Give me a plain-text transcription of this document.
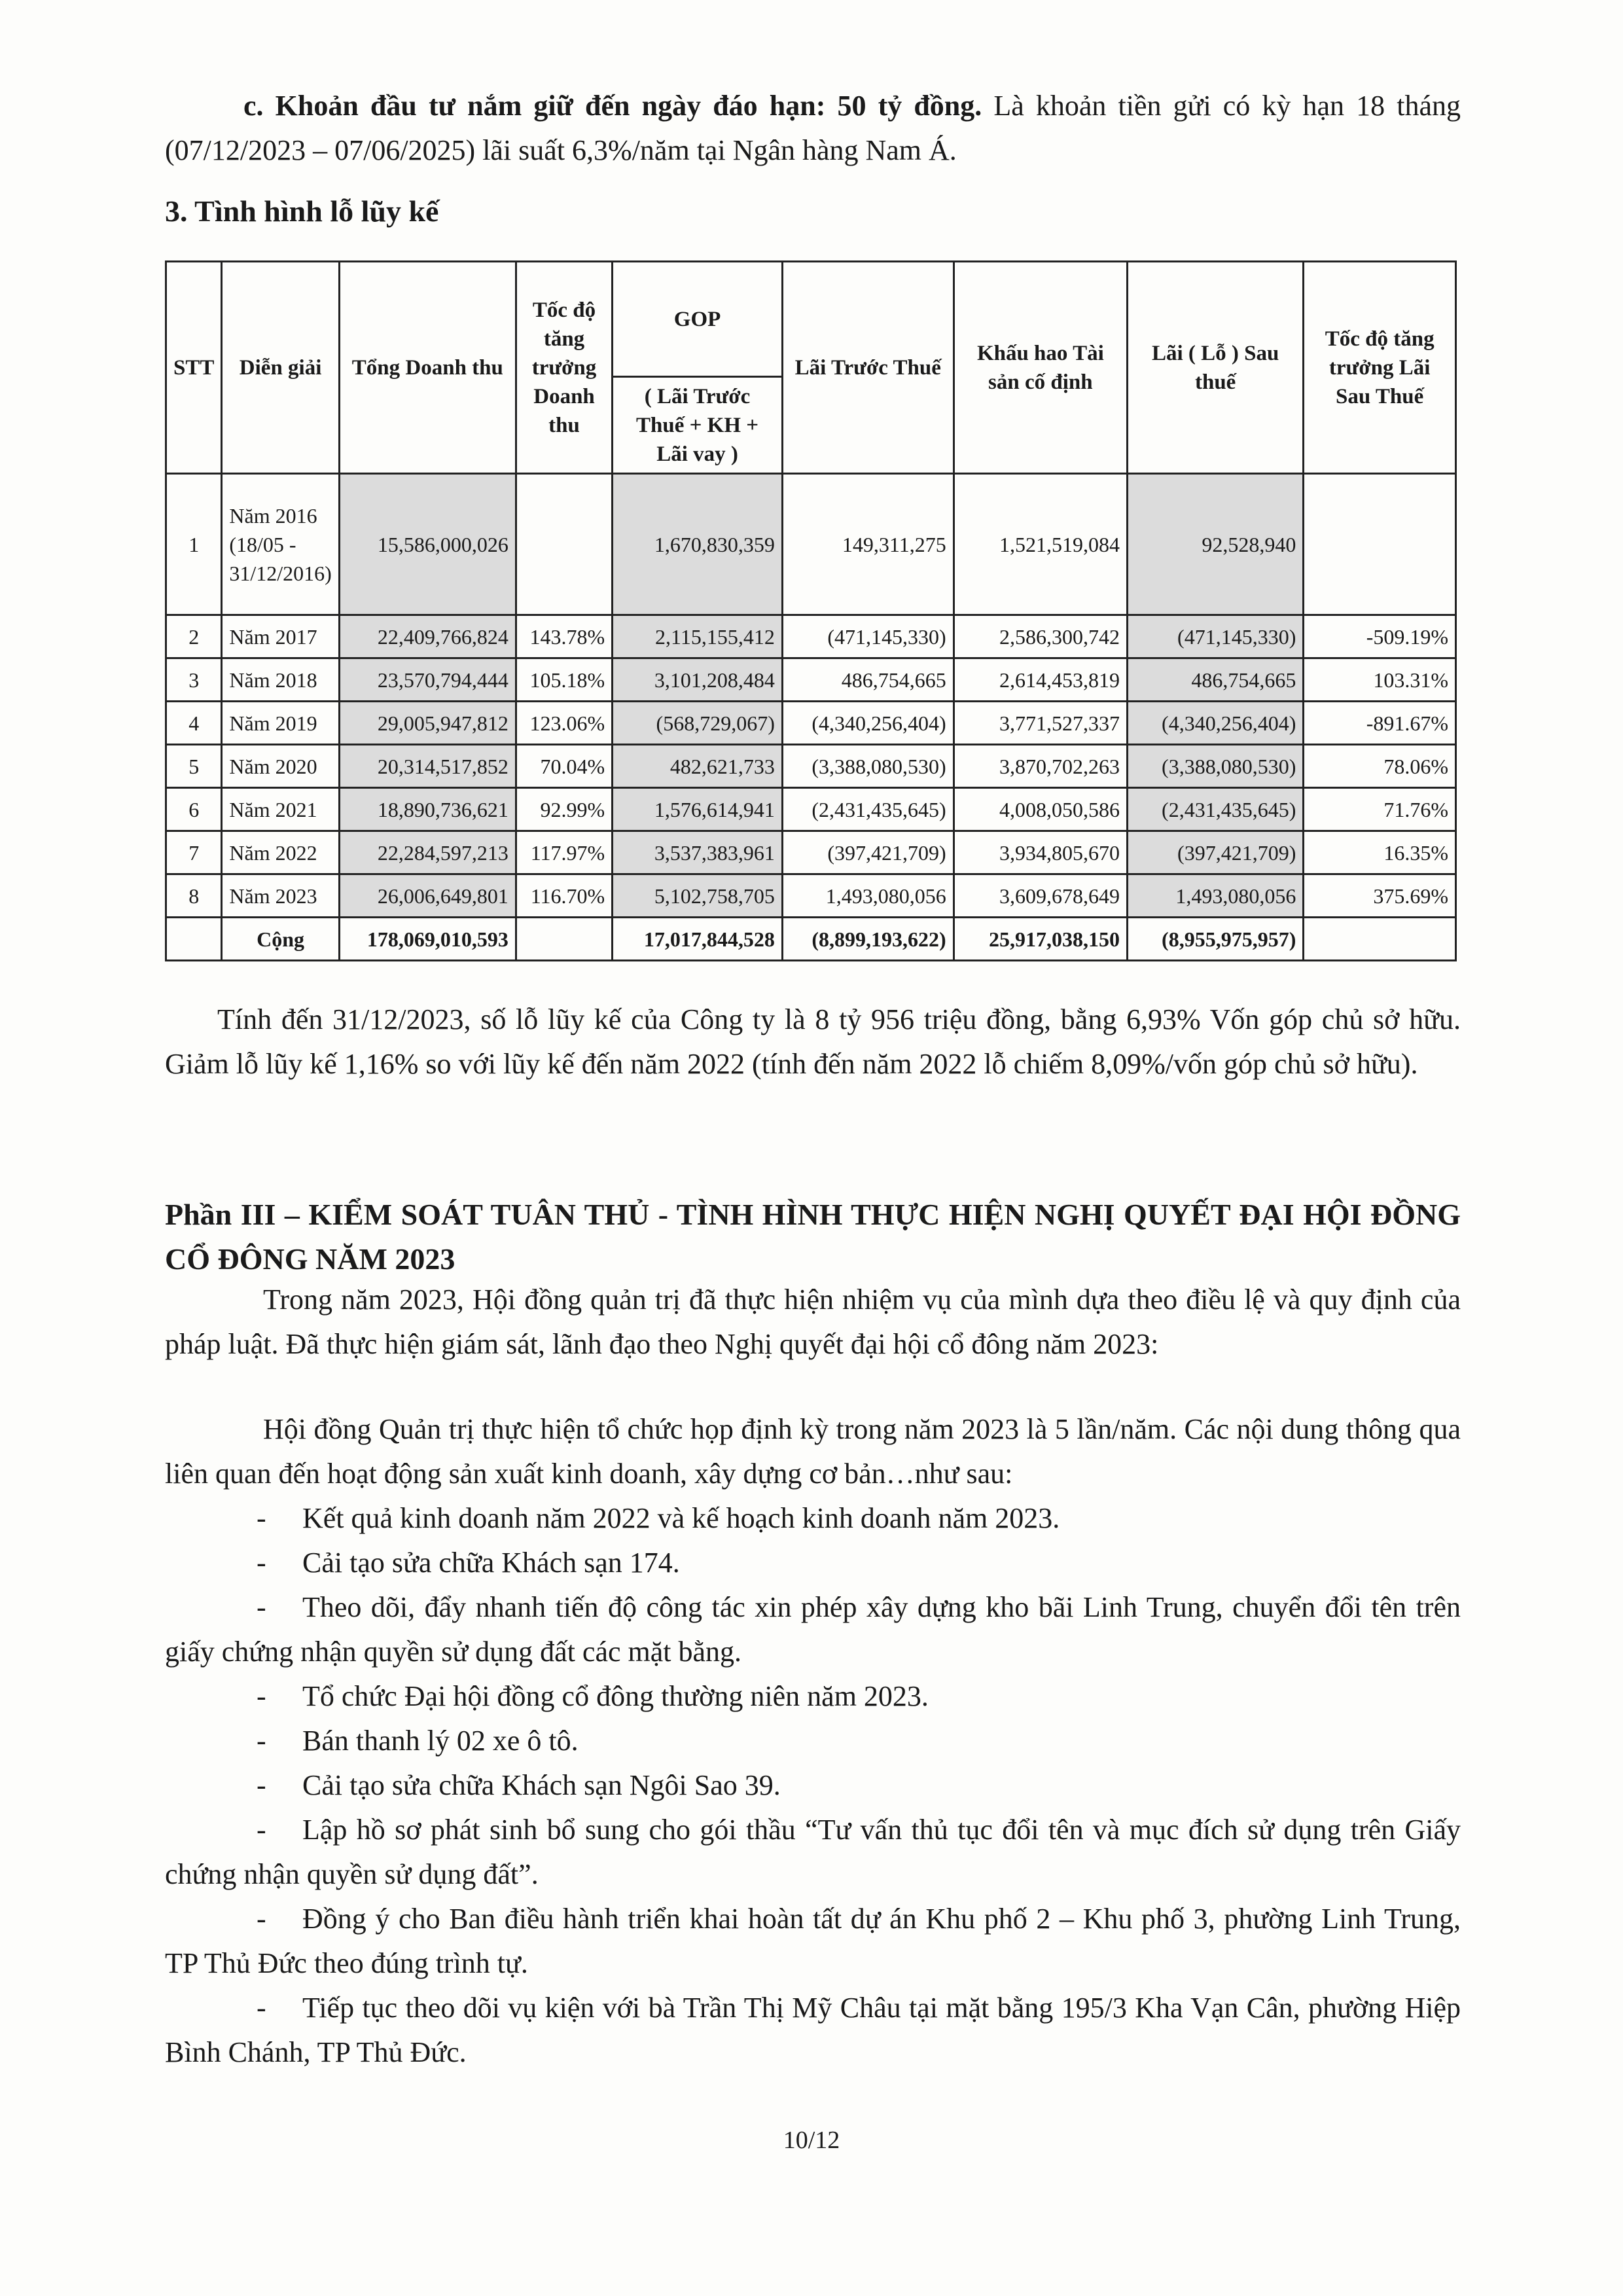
c. Khoản đầu tư nắm giữ đến ngày đáo hạn: 50 tỷ đồng. Là khoản tiền gửi có kỳ hạn 18 tháng (07/12/2023 – 07/06/2025) lãi suất 6,3%/năm tại Ngân hàng Nam Á.

3. Tình hình lỗ lũy kế
STT	Diễn giải	Tổng Doanh thu	Tốc độ tăng trưởng Doanh thu	GOP	Lãi Trước Thuế	Khấu hao Tài sản cố định	Lãi ( Lỗ ) Sau thuế	Tốc độ tăng trưởng Lãi Sau Thuế
				( Lãi Trước Thuế + KH + Lãi vay )				
1	Năm 2016 (18/05 - 31/12/2016)	15,586,000,026		1,670,830,359	149,311,275	1,521,519,084	92,528,940	
2	Năm 2017	22,409,766,824	143.78%	2,115,155,412	(471,145,330)	2,586,300,742	(471,145,330)	-509.19%
3	Năm 2018	23,570,794,444	105.18%	3,101,208,484	486,754,665	2,614,453,819	486,754,665	103.31%
4	Năm 2019	29,005,947,812	123.06%	(568,729,067)	(4,340,256,404)	3,771,527,337	(4,340,256,404)	-891.67%
5	Năm 2020	20,314,517,852	70.04%	482,621,733	(3,388,080,530)	3,870,702,263	(3,388,080,530)	78.06%
6	Năm 2021	18,890,736,621	92.99%	1,576,614,941	(2,431,435,645)	4,008,050,586	(2,431,435,645)	71.76%
7	Năm 2022	22,284,597,213	117.97%	3,537,383,961	(397,421,709)	3,934,805,670	(397,421,709)	16.35%
8	Năm 2023	26,006,649,801	116.70%	5,102,758,705	1,493,080,056	3,609,678,649	1,493,080,056	375.69%
	Cộng	178,069,010,593		17,017,844,528	(8,899,193,622)	25,917,038,150	(8,955,975,957)	

Tính đến 31/12/2023, số lỗ lũy kế của Công ty là 8 tỷ 956 triệu đồng, bằng 6,93% Vốn góp chủ sở hữu. Giảm lỗ lũy kế 1,16% so với lũy kế đến năm 2022 (tính đến năm 2022 lỗ chiếm 8,09%/vốn góp chủ sở hữu).

Phần III – KIỂM SOÁT TUÂN THỦ - TÌNH HÌNH THỰC HIỆN NGHỊ QUYẾT ĐẠI HỘI ĐỒNG CỔ ĐÔNG NĂM 2023

Trong năm 2023, Hội đồng quản trị đã thực hiện nhiệm vụ của mình dựa theo điều lệ và quy định của pháp luật. Đã thực hiện giám sát, lãnh đạo theo Nghị quyết đại hội cổ đông năm 2023:

Hội đồng Quản trị thực hiện tổ chức họp định kỳ trong năm 2023 là 5 lần/năm. Các nội dung thông qua liên quan đến hoạt động sản xuất kinh doanh, xây dựng cơ bản…như sau:

- Kết quả kinh doanh năm 2022 và kế hoạch kinh doanh năm 2023.
- Cải tạo sửa chữa Khách sạn 174.
- Theo dõi, đẩy nhanh tiến độ công tác xin phép xây dựng kho bãi Linh Trung, chuyển đổi tên trên giấy chứng nhận quyền sử dụng đất các mặt bằng.
- Tổ chức Đại hội đồng cổ đông thường niên năm 2023.
- Bán thanh lý 02 xe ô tô.
- Cải tạo sửa chữa Khách sạn Ngôi Sao 39.
- Lập hồ sơ phát sinh bổ sung cho gói thầu “Tư vấn thủ tục đổi tên và mục đích sử dụng trên Giấy chứng nhận quyền sử dụng đất”.
- Đồng ý cho Ban điều hành triển khai hoàn tất dự án Khu phố 2 – Khu phố 3, phường Linh Trung, TP Thủ Đức theo đúng trình tự.
- Tiếp tục theo dõi vụ kiện với bà Trần Thị Mỹ Châu tại mặt bằng 195/3 Kha Vạn Cân, phường Hiệp Bình Chánh, TP Thủ Đức.
10/12
